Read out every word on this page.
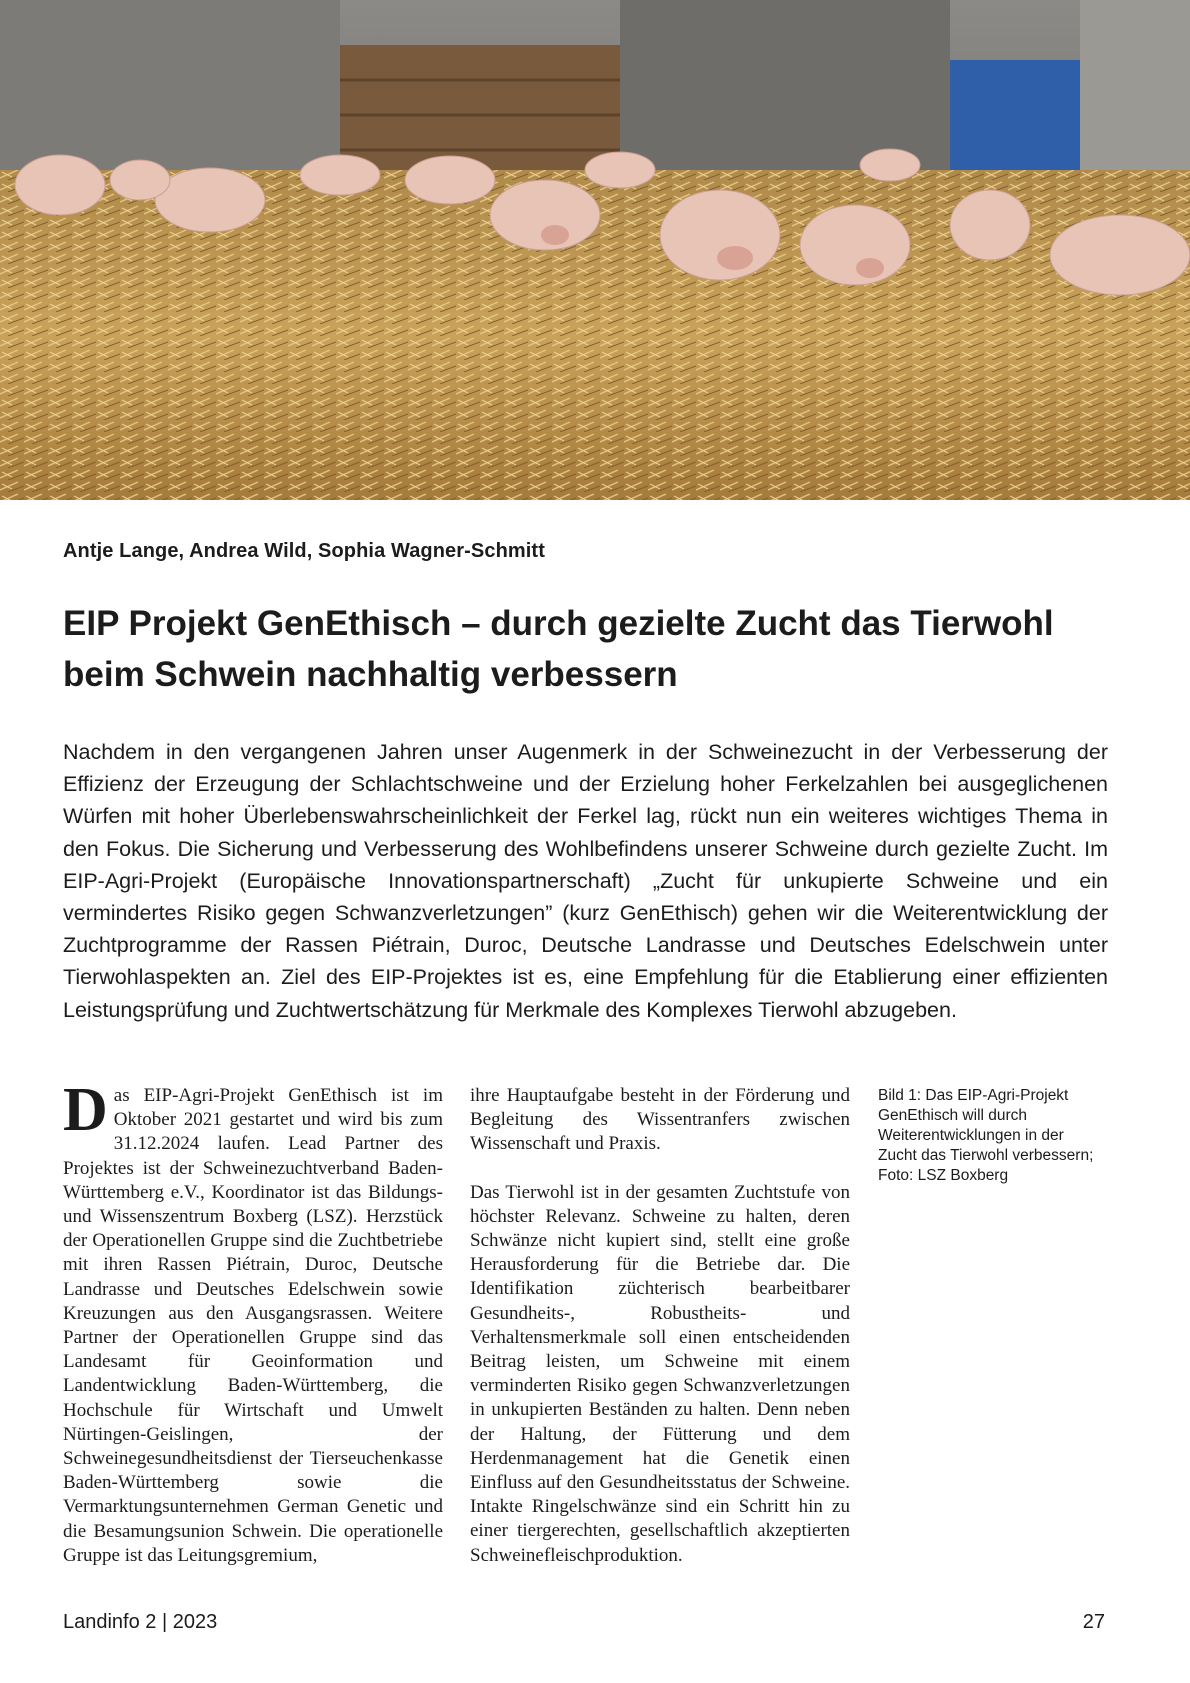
Antje Lange, Andrea Wild, Sophia Wagner-Schmitt
EIP Projekt GenEthisch – durch gezielte Zucht das Tierwohl beim Schwein nachhaltig verbessern

Nachdem in den vergangenen Jahren unser Augenmerk in der Schweinezucht in der Verbesserung der Effizienz der Erzeugung der Schlachtschweine und der Erzielung hoher Ferkelzahlen bei ausgeglichenen Würfen mit hoher Überlebenswahrscheinlichkeit der Ferkel lag, rückt nun ein weiteres wichtiges Thema in den Fokus. Die Sicherung und Verbesserung des Wohlbefindens unserer Schweine durch gezielte Zucht. Im EIP-Agri-Projekt (Europäische Innovationspartnerschaft) „Zucht für unkupierte Schweine und ein vermindertes Risiko gegen Schwanzverletzungen” (kurz GenEthisch) gehen wir die Weiterentwicklung der Zuchtprogramme der Rassen Piétrain, Duroc, Deutsche Landrasse und Deutsches Edelschwein unter Tierwohlaspekten an. Ziel des EIP-Projektes ist es, eine Empfehlung für die Etablierung einer effizienten Leistungsprüfung und Zuchtwertschätzung für Merkmale des Komplexes Tierwohl abzugeben.

Das EIP-Agri-Projekt GenEthisch ist im Oktober 2021 gestartet und wird bis zum 31.12.2024 laufen. Lead Partner des Projektes ist der Schweinezuchtverband Baden-Württemberg e.V., Koordinator ist das Bildungs- und Wissenszentrum Boxberg (LSZ). Herzstück der Operationellen Gruppe sind die Zuchtbetriebe mit ihren Rassen Piétrain, Duroc, Deutsche Landrasse und Deutsches Edelschwein sowie Kreuzungen aus den Ausgangsrassen. Weitere Partner der Operationellen Gruppe sind das Landesamt für Geoinformation und Landentwicklung Baden-Württemberg, die Hochschule für Wirtschaft und Umwelt Nürtingen-Geislingen, der Schweinegesundheitsdienst der Tierseuchenkasse Baden-Württemberg sowie die Vermarktungsunternehmen German Genetic und die Besamungsunion Schwein. Die operationelle Gruppe ist das Leitungsgremium,

ihre Hauptaufgabe besteht in der Förderung und Begleitung des Wissentranfers zwischen Wissenschaft und Praxis.

Das Tierwohl ist in der gesamten Zuchtstufe von höchster Relevanz. Schweine zu halten, deren Schwänze nicht kupiert sind, stellt eine große Herausforderung für die Betriebe dar. Die Identifikation züchterisch bearbeitbarer Gesundheits-, Robustheits- und Verhaltensmerkmale soll einen entscheidenden Beitrag leisten, um Schweine mit einem verminderten Risiko gegen Schwanzverletzungen in unkupierten Beständen zu halten. Denn neben der Haltung, der Fütterung und dem Herdenmanagement hat die Genetik einen Einfluss auf den Gesundheitsstatus der Schweine. Intakte Ringelschwänze sind ein Schritt hin zu einer tiergerechten, gesellschaftlich akzeptierten Schweinefleischproduktion.

Bild 1: Das EIP-Agri-Projekt GenEthisch will durch Weiterentwicklungen in der Zucht das Tierwohl verbessern; Foto: LSZ Boxberg

Landinfo 2 | 2023	27
